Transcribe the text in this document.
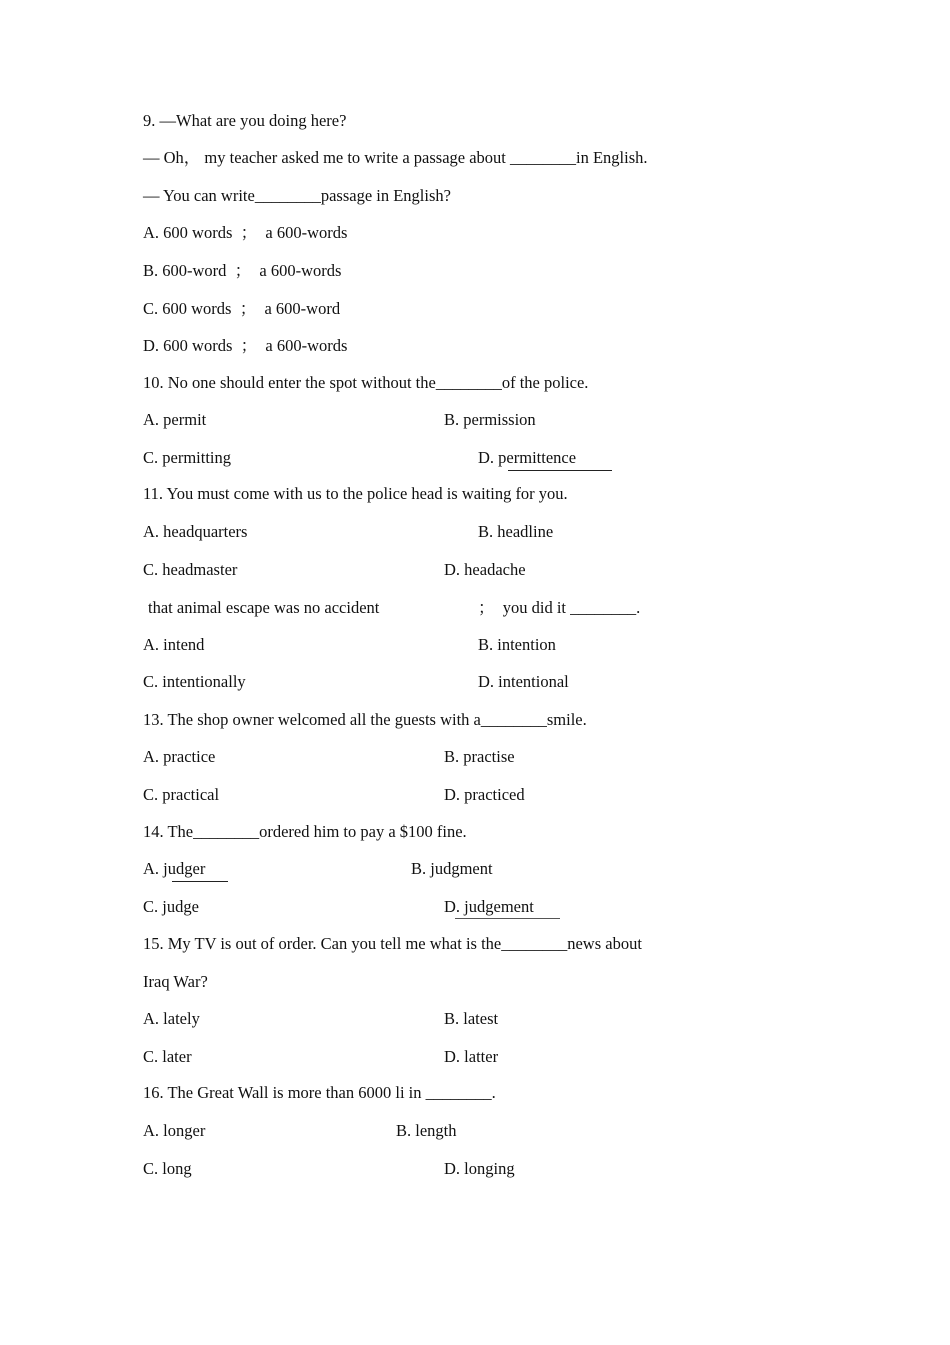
9. —What are you doing here?
— Oh， my teacher asked me to write a passage about ________in English.
— You can write________passage in English?
A. 600 words  ；  a 600-words
B. 600-word  ；  a 600-words
C. 600 words  ；  a 600-word
D. 600 words  ；  a 600-words
10. No one should enter the spot without the________of the police.
A. permit	B. permission
C. permitting	D. permittence
11. You must come with us to the police head is waiting for you.
A. headquarters	B. headline
C. headmaster	D. headache
that animal escape was no accident	；  you did it ________.
A. intend	B. intention
C. intentionally	D. intentional
13. The shop owner welcomed all the guests with a________smile.
A. practice	B. practise
C. practical	D. practiced
14. The________ordered him to pay a $100 fine.
A. judger	B. judgment
C. judge	D. judgement
15. My TV is out of order. Can you tell me what is the________news about
Iraq War?
A. lately	B. latest
C. later	D. latter
16. The Great Wall is more than 6000 li in ________.
A. longer	B. length
C. long	D. longing
